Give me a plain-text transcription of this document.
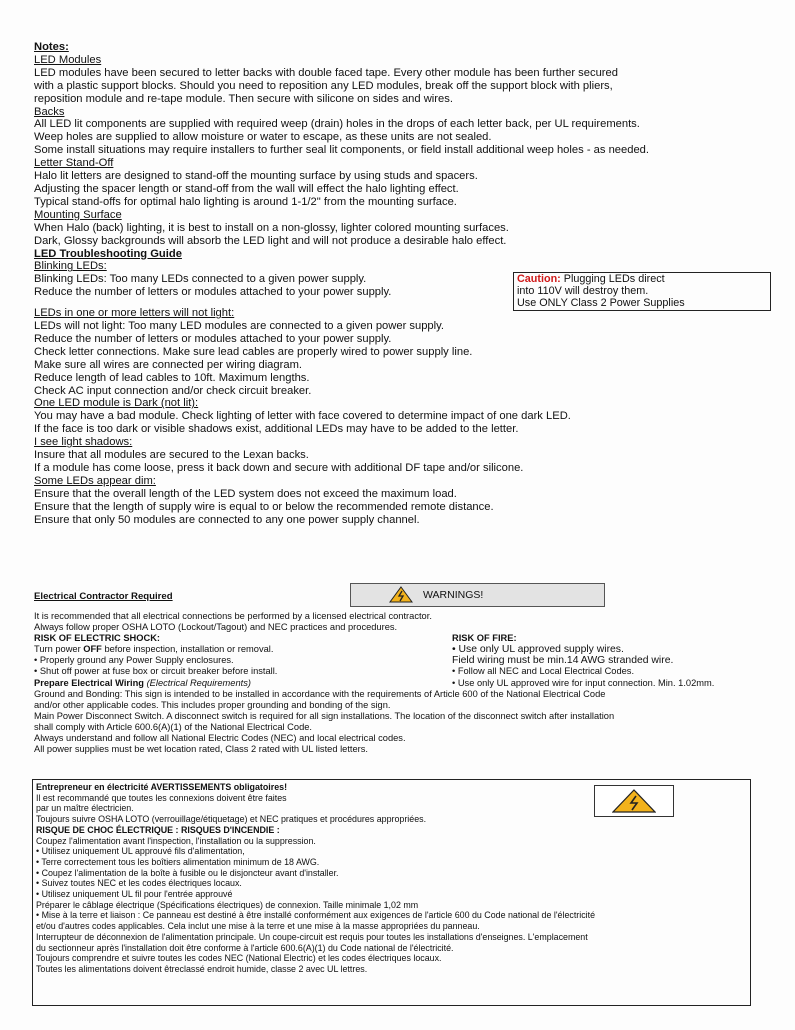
Notes:

LED Modules

LED modules have been secured to letter backs with double faced tape. Every other module has been further secured

with a plastic support blocks. Should you need to reposition any LED modules, break off the support block with pliers,

reposition module and re-tape module. Then secure with silicone on sides and wires.

Backs

All LED lit components are supplied with required weep (drain) holes in the drops of each letter back, per UL requirements.

Weep holes are supplied to allow moisture or water to escape, as these units are not sealed.

Some install situations may require installers to further seal lit components, or field install additional weep holes - as needed.

Letter Stand-Off

Halo lit letters are designed to stand-off the mounting surface by using studs and spacers.

Adjusting the spacer length or stand-off from the wall will effect the halo lighting effect.

Typical stand-offs for optimal halo lighting is around 1-1/2" from the mounting surface.

Mounting Surface

When Halo (back) lighting, it is best to install on a non-glossy, lighter colored mounting surfaces.

Dark, Glossy backgrounds will absorb the LED light and will not produce a desirable halo effect.

LED Troubleshooting Guide

Blinking LEDs:

Blinking LEDs: Too many LEDs connected to a given power supply.

Reduce the number of letters or modules attached to your power supply.

LEDs in one or more letters will not light:

LEDs will not light: Too many LED modules are connected to a given power supply.

Reduce the number of letters or modules attached to your power supply.

Check letter connections. Make sure lead cables are properly wired to power supply line.

Make sure all wires are connected per wiring diagram.

Reduce length of lead cables to 10ft. Maximum lengths.

Check AC input connection and/or check circuit breaker.

One LED module is Dark (not lit):

You may have a bad module. Check lighting of letter with face covered to determine impact of one dark LED.

If the face is too dark or visible shadows exist, additional LEDs may have to be added to the letter.

I see light shadows:

Insure that all modules are secured to the Lexan backs.

If a module has come loose, press it back down and secure with additional DF tape and/or silicone.

Some LEDs appear dim:

Ensure that the overall length of the LED system does not exceed the maximum load.

Ensure that the length of supply wire is equal to or below the recommended remote distance.

Ensure that only 50 modules are connected to any one power supply channel.

Caution: Plugging LEDs direct

into 110V will destroy them.

Use ONLY Class 2 Power Supplies

Electrical Contractor Required	WARNINGS!

It is recommended that all electrical connections be performed by a licensed electrical contractor.

Always follow proper OSHA LOTO (Lockout/Tagout) and NEC practices and procedures.

RISK OF ELECTRIC SHOCK:	RISK OF FIRE:
Turn power OFF before inspection, installation or removal.	• Use only UL approved supply wires.
• Properly ground any Power Supply enclosures.	Field wiring must be min.14 AWG stranded wire.
• Shut off power at fuse box or circuit breaker before install.	• Follow all NEC and Local Electrical Codes.
Prepare Electrical Wiring (Electrical Requirements)	• Use only UL approved wire for input connection. Min. 1.02mm.

Ground and Bonding: This sign is intended to be installed in accordance with the requirements of Article 600 of the National Electrical Code

and/or other applicable codes. This includes proper grounding and bonding of the sign.

Main Power Disconnect Switch. A disconnect switch is required for all sign installations. The location of the disconnect switch after installation

shall comply with Article 600.6(A)(1) of the National Electrical Code.

Always understand and follow all National Electric Codes (NEC) and local electrical codes.

All power supplies must be wet location rated, Class 2 rated with UL listed letters.

Entrepreneur en électricité AVERTISSEMENTS obligatoires!

Il est recommandé que toutes les connexions doivent être faites

par un maître électricien.

Toujours suivre OSHA LOTO (verrouillage/étiquetage) et NEC pratiques et procédures appropriées.

RISQUE DE CHOC ÉLECTRIQUE : RISQUES D'INCENDIE :

Coupez l'alimentation avant l'inspection, l'installation ou la suppression.

• Utilisez uniquement UL approuvé fils d'alimentation,

• Terre correctement tous les boîtiers alimentation minimum de 18 AWG.

• Coupez l'alimentation de la boîte à fusible ou le disjoncteur avant d'installer.

• Suivez toutes NEC et les codes électriques locaux.

• Utilisez uniquement UL fil pour l'entrée approuvé

Préparer le câblage électrique (Spécifications électriques) de connexion. Taille minimale 1,02 mm

• Mise à la terre et liaison : Ce panneau est destiné à être installé conformément aux exigences de l'article 600 du Code national de l'électricité

et/ou d'autres codes applicables. Cela inclut une mise à la terre et une mise à la masse appropriées du panneau.

Interrupteur de déconnexion de l'alimentation principale. Un coupe-circuit est requis pour toutes les installations d'enseignes. L'emplacement

du sectionneur après l'installation doit être conforme à l'article 600.6(A)(1) du Code national de l'électricité.

Toujours comprendre et suivre toutes les codes NEC (National Electric) et les codes électriques locaux.

Toutes les alimentations doivent êtreclassé endroit humide, classe 2 avec UL lettres.
